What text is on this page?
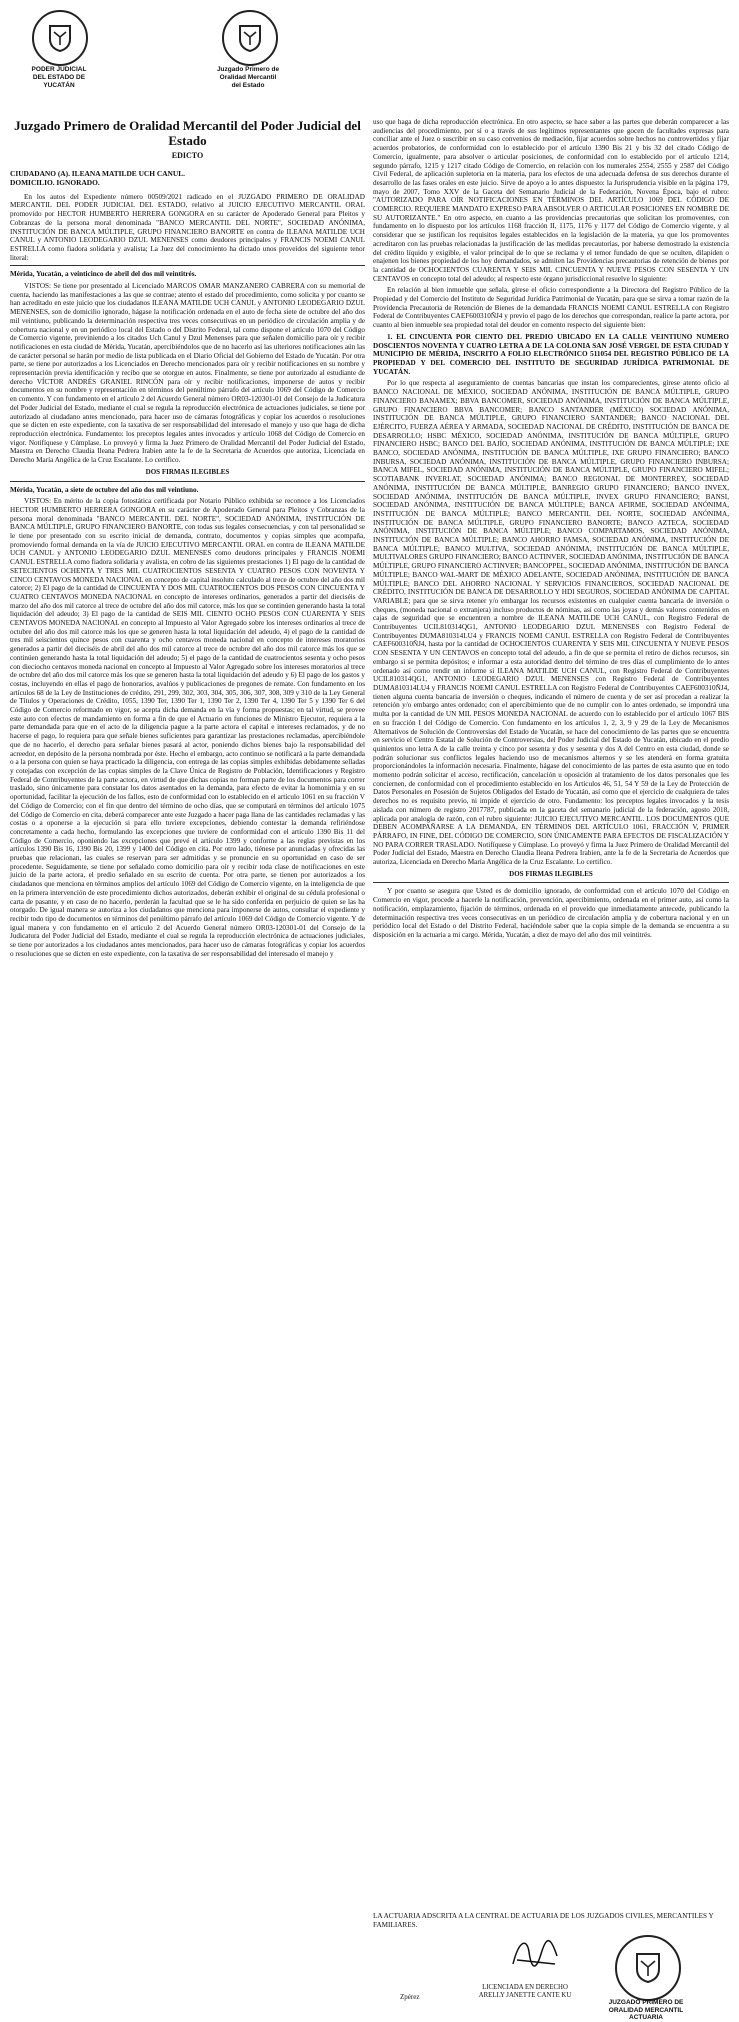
PODER JUDICIAL
DEL ESTADO DE
YUCATÁN
Juzgado Primero de
Oralidad Mercantil
del Estado
Juzgado Primero de Oralidad Mercantil del Poder Judicial del Estado
EDICTO
CIUDADANO (A). ILEANA MATILDE UCH CANUL.
DOMICILIO. IGNORADO.

En los autos del Expediente número 00509/2021 radicado en el JUZGADO PRIMERO DE ORALIDAD MERCANTIL DEL PODER JUDICIAL DEL ESTADO, relativo al JUICIO EJECUTIVO MERCANTIL ORAL promovido por HECTOR HUMBERTO HERRERA GONGORA en su carácter de Apoderado General para Pleitos y Cobranzas de la persona moral denominada "BANCO MERCANTIL DEL NORTE", SOCIEDAD ANÓNIMA, INSTITUCIÓN DE BANCA MÚLTIPLE, GRUPO FINANCIERO BANORTE en contra de ILEANA MATILDE UCH CANUL y ANTONIO LEODEGARIO DZUL MENENSES como deudores principales y FRANCIS NOEMI CANUL ESTRELLA como fiadora solidaria y avalista; La Juez del conocimiento ha dictado unos proveídos del siguiente tenor literal:

Mérida, Yucatán, a veinticinco de abril del dos mil veintitrés.

VISTOS: Se tiene por presentado al Licenciado MARCOS OMAR MANZANERO CABRERA con su memorial de cuenta, haciendo las manifestaciones a las que se contrae; atento el estado del procedimiento, como solicita y por cuanto se han acreditado en este juicio que los ciudadanos ILEANA MATILDE UCH CANUL y ANTONIO LEODEGARIO DZUL MENENSES, son de domicilio ignorado, hágase la notificación ordenada en el auto de fecha siete de octubre del año dos mil veintiuno, publicando la determinación respectiva tres veces consecutivas en un periódico de circulación amplia y de cobertura nacional y en un periódico local del Estado o del Distrito Federal, tal como dispone el artículo 1070 del Código de Comercio vigente, previniendo a los citados Uch Canul y Dzul Menenses para que señalen domicilio para oír y recibir notificaciones en esta ciudad de Mérida, Yucatán, apercibiéndolos que de no hacerlo así las ulteriores notificaciones aún las de carácter personal se harán por medio de lista publicada en el Diario Oficial del Gobierno del Estado de Yucatán. Por otra parte, se tiene por autorizados a los Licenciados en Derecho mencionados para oír y recibir notificaciones en su nombre y representación previa identificación y recibo que se otorgue en autos. Finalmente, se tiene por autorizado al estudiante de derecho VÍCTOR ANDRÉS GRANIEL RINCÓN para oír y recibir notificaciones, imponerse de autos y recibir documentos en su nombre y representación en términos del penúltimo párrafo del artículo 1069 del Código de Comercio en comento. Y con fundamento en el artículo 2 del Acuerdo General número OR03-120301-01 del Consejo de la Judicatura del Poder Judicial del Estado, mediante el cual se regula la reproducción electrónica de actuaciones judiciales, se tiene por autorizado al ciudadano antes mencionado, para hacer uso de cámaras fotográficas y copiar los acuerdos o resoluciones que se dicten en este expediente, con la taxativa de ser responsabilidad del interesado el manejo y uso que haga de dicha reproducción electrónica. Fundamento: los preceptos legales antes invocados y artículo 1068 del Código de Comercio en vigor. Notifíquese y Cúmplase. Lo proveyó y firma la Juez Primero de Oralidad Mercantil del Poder Judicial del Estado, Maestra en Derecho Claudia Ileana Pedrera Irabien ante la fe de la Secretaria de Acuerdos que autoriza, Licenciada en Derecho María Angélica de la Cruz Escalante. Lo certifico.

DOS FIRMAS ILEGIBLES

Mérida, Yucatán, a siete de octubre del año dos mil veintiuno.

VISTOS: En mérito de la copia fotostática certificada por Notario Público exhibida se reconoce a los Licenciados HECTOR HUMBERTO HERRERA GONGORA en su carácter de Apoderado General para Pleitos y Cobranzas de la persona moral denominada "BANCO MERCANTIL DEL NORTE", SOCIEDAD ANÓNIMA, INSTITUCIÓN DE BANCA MÚLTIPLE, GRUPO FINANCIERO BANORTE, con todas sus legales consecuencias, y con tal personalidad se le tiene por presentado con su escrito inicial de demanda, contrato, documentos y copias simples que acompaña, promoviendo formal demanda en la vía de JUICIO EJECUTIVO MERCANTIL ORAL en contra de ILEANA MATILDE UCH CANUL y ANTONIO LEODEGARIO DZUL MENENSES como deudores principales y FRANCIS NOEMI CANUL ESTRELLA como fiadora solidaria y avalista, en cobro de las siguientes prestaciones 1) El pago de la cantidad de SETECIENTOS OCHENTA Y TRES MIL CUATROCIENTOS SESENTA Y CUATRO PESOS CON NOVENTA Y CINCO CENTAVOS MONEDA NACIONAL en concepto de capital insoluto calculado al trece de octubre del año dos mil catorce; 2) El pago de la cantidad de CINCUENTA Y DOS MIL CUATROCIENTOS DOS PESOS CON CINCUENTA Y CUATRO CENTAVOS MONEDA NACIONAL en concepto de intereses ordinarios, generados a partir del dieciséis de marzo del año dos mil catorce al trece de octubre del año dos mil catorce, más los que se continúen generando hasta la total liquidación del adeudo; 3) El pago de la cantidad de SEIS MIL CIENTO OCHO PESOS CON CUARENTA Y SEIS CENTAVOS MONEDA NACIONAL en concepto al Impuesto al Valor Agregado sobre los intereses ordinarios al trece de octubre del año dos mil catorce más los que se generen hasta la total liquidación del adeudo, 4) el pago de la cantidad de tres mil seiscientos quince pesos con cuarenta y ocho centavos moneda nacional en concepto de intereses moratorios generados a partir del dieciséis de abril del año dos mil catorce al trece de octubre del año dos mil catorce más los que se continúen generando hasta la total liquidación del adeudo; 5) el pago de la cantidad de cuatrocientos sesenta y ocho pesos con dieciocho centavos moneda nacional en concepto al Impuesto al Valor Agregado sobre los intereses moratorios al trece de octubre del año dos mil catorce más los que se generen hasta la total liquidación del adeudo y 6) El pago de los gastos y costas, incluyendo en ellas el pago de honorarios, avalúos y publicaciones de pregones de remate. Con fundamento en los artículos 68 de la Ley de Instituciones de crédito, 291, 299, 302, 303, 304, 305, 306, 307, 308, 309 y 310 de la Ley General de Títulos y Operaciones de Crédito, 1055, 1390 Ter, 1390 Ter 1, 1390 Ter 2, 1390 Ter 4, 1390 Ter 5 y 1390 Ter 6 del Código de Comercio reformado en vigor, se acepta dicha demanda en la vía y forma propuestas; en tal virtud, se provee este auto con efectos de mandamiento en forma a fin de que el Actuario en funciones de Ministro Ejecutor, requiera a la parte demandada para que en el acto de la diligencia pague a la parte actora el capital e intereses reclamados, y de no hacerse el pago, lo requiera para que señale bienes suficientes para garantizar las prestaciones reclamadas, apercibiéndole que de no hacerlo, el derecho para señalar bienes pasará al actor, poniendo dichos bienes bajo la responsabilidad del acreedor, en depósito de la persona nombrada por éste. Hecho el embargo, acto continuo se notificará a la parte demandada o a la persona con quien se haya practicado la diligencia, con entrega de las copias simples exhibidas debidamente selladas y cotejadas con excepción de las copias simples de la Clave Única de Registro de Población, Identificaciones y Registro Federal de Contribuyentes de la parte actora, en virtud de que dichas copias no forman parte de los documentos para correr traslado, sino únicamente para constatar los datos asentados en la demanda, para efecto de evitar la homonimia y en su oportunidad, facilitar la ejecución de los fallos, esto de conformidad con lo establecido en el artículo 1061 en su fracción V del Código de Comercio; con el fin que dentro del término de ocho días, que se computará en términos del artículo 1075 del Código de Comercio en cita, deberá comparecer ante este Juzgado a hacer paga llana de las cantidades reclamadas y las costas o a oponerse a la ejecución si para ello tuviere excepciones, debiendo contestar la demanda refiriéndose concretamente a cada hecho, formulando las excepciones que tuviere de conformidad con el artículo 1390 Bis 11 del Código de Comercio, oponiendo las excepciones que prevé el artículo 1399 y conforme a las reglas previstas en los artículos 1390 Bis 16, 1390 Bis 20, 1399 y 1400 del Código en cita. Por otro lado, tiénese por anunciadas y ofrecidas las pruebas que relacionan, las cuales se reservan para ser admitidas y se pronuncie en su oportunidad en caso de ser procedente. Seguidamente, se tiene por señalado como domicilio para oír y recibir toda clase de notificaciones en este juicio de la parte actora, el predio señalado en su escrito de cuenta. Por otra parte, se tienen por autorizados a los ciudadanos que menciona en términos amplios del artículo 1069 del Código de Comercio vigente, en la inteligencia de que en la primera intervención de este procedimiento dichos autorizados, deberán exhibir el original de su cédula profesional o carta de pasante, y en caso de no hacerlo, perderán la facultad que se le ha sido conferida en perjuicio de quien se las ha otorgado. De igual manera se autoriza a los ciudadanos que menciona para imponerse de autos, consultar el expediente y recibir todo tipo de documentos en términos del penúltimo párrafo del artículo 1069 del Código de Comercio vigente. Y de igual manera y con fundamento en el artículo 2 del Acuerdo General número OR03-120301-01 del Consejo de la Judicatura del Poder Judicial del Estado, mediante el cual se regula la reproducción electrónica de actuaciones judiciales, se tiene por autorizados a los ciudadanos antes mencionados, para hacer uso de cámaras fotográficas y copiar los acuerdos o resoluciones que se dicten en este expediente, con la taxativa de ser responsabilidad del interesado el manejo y

uso que haga de dicha reproducción electrónica. En otro aspecto, se hace saber a las partes que deberán comparecer a las audiencias del procedimiento, por sí o a través de sus legítimos representantes que gocen de facultades expresas para conciliar ante el Juez o suscribir en su caso convenios de mediación, fijar acuerdos sobre hechos no controvertidos y fijar acuerdos probatorios, de conformidad con lo establecido por el artículo 1390 Bis 21 y bis 32 del citado Código de Comercio, igualmente, para absolver o articular posiciones, de conformidad con lo establecido por el artículo 1214, segundo párrafo, 1215 y 1217 citado Código de Comercio, en relación con los numerales 2554, 2555 y 2587 del Código Civil Federal, de aplicación supletoria en la materia, para los efectos de una adecuada defensa de sus derechos durante el desarrollo de las fases orales en este juicio. Sirve de apoyo a lo antes dispuesto: la Jurisprudencia visible en la página 179, mayo de 2007, Tomo XXV de la Gaceta del Semanario Judicial de la Federación, Novena Época, bajo el rubro: "AUTORIZADO PARA OÍR NOTIFICACIONES EN TÉRMINOS DEL ARTÍCULO 1069 DEL CÓDIGO DE COMERCIO. REQUIERE MANDATO EXPRESO PARA ABSOLVER O ARTICULAR POSICIONES EN NOMBRE DE SU AUTORIZANTE." En otro aspecto, en cuanto a las providencias precautorias que solicitan los promoventes, con fundamento en lo dispuesto por los artículos 1168 fracción II, 1175, 1176 y 1177 del Código de Comercio vigente, y al considerar que se justifican los requisitos legales establecidos en la legislación de la materia, ya que los promoventes acreditaron con las pruebas relacionadas la justificación de las medidas precautorias, por haberse demostrado la existencia del crédito líquido y exigible, el valor principal de lo que se reclama y el temor fundado de que se oculten, dilapiden o enajenen los bienes propiedad de los hoy demandados, se admiten las Providencias precautorias de retención de bienes por la cantidad de OCHOCIENTOS CUARENTA Y SEIS MIL CINCUENTA Y NUEVE PESOS CON SESENTA Y UN CENTAVOS en concepto total del adeudo; al respecto este órgano jurisdiccional resuelve lo siguiente:

En relación al bien inmueble que señala, gírese el oficio correspondiente a la Directora del Registro Público de la Propiedad y del Comercio del Instituto de Seguridad Jurídica Patrimonial de Yucatán, para que se sirva a tomar razón de la Providencia Precautoria de Retención de Bienes de la demandada FRANCIS NOEMI CANUL ESTRELLA con Registro Federal de Contribuyentes CAEF600310ÑJ4 y previo el pago de los derechos que correspondan, realice la parte actora, por cuanto al bien inmueble sea propiedad total del deudor en comento respecto del siguiente bien:

1. EL CINCUENTA POR CIENTO DEL PREDIO UBICADO EN LA CALLE VEINTIUNO NUMERO DOSCIENTOS NOVENTA Y CUATRO LETRA A DE LA COLONIA SAN JOSÉ VERGEL DE ESTA CIUDAD Y MUNICIPIO DE MÉRIDA, INSCRITO A FOLIO ELECTRÓNICO 511054 DEL REGISTRO PÚBLICO DE LA PROPIEDAD Y DEL COMERCIO DEL INSTITUTO DE SEGURIDAD JURÍDICA PATRIMONIAL DE YUCATÁN.

Por lo que respecta al aseguramiento de cuentas bancarias que instan los comparecientes, gírese atento oficio al BANCO NACIONAL DE MÉXICO, SOCIEDAD ANÓNIMA, INSTITUCIÓN DE BANCA MÚLTIPLE, GRUPO FINANCIERO BANAMEX; BBVA BANCOMER, SOCIEDAD ANÓNIMA, INSTITUCIÓN DE BANCA MÚLTIPLE, GRUPO FINANCIERO BBVA BANCOMER; BANCO SANTANDER (MÉXICO) SOCIEDAD ANÓNIMA, INSTITUCIÓN DE BANCA MÚLTIPLE, GRUPO FINANCIERO SANTANDER; BANCO NACIONAL DEL EJÉRCITO, FUERZA AÉREA Y ARMADA, SOCIEDAD NACIONAL DE CRÉDITO, INSTITUCIÓN DE BANCA DE DESARROLLO; HSBC MÉXICO, SOCIEDAD ANÓNIMA, INSTITUCIÓN DE BANCA MÚLTIPLE, GRUPO FINANCIERO HSBC; BANCO DEL BAJÍO, SOCIEDAD ANÓNIMA, INSTITUCIÓN DE BANCA MÚLTIPLE; IXE BANCO, SOCIEDAD ANÓNIMA, INSTITUCIÓN DE BANCA MÚLTIPLE, IXE GRUPO FINANCIERO; BANCO INBURSA, SOCIEDAD ANÓNIMA, INSTITUCIÓN DE BANCA MÚLTIPLE, GRUPO FINANCIERO INBURSA; BANCA MIFEL, SOCIEDAD ANÓNIMA, INSTITUCIÓN DE BANCA MÚLTIPLE, GRUPO FINANCIERO MIFEL; SCOTIABANK INVERLAT, SOCIEDAD ANÓNIMA; BANCO REGIONAL DE MONTERREY, SOCIEDAD ANÓNIMA, INSTITUCIÓN DE BANCA MÚLTIPLE, BANREGIO GRUPO FINANCIERO; BANCO INVEX, SOCIEDAD ANÓNIMA, INSTITUCIÓN DE BANCA MÚLTIPLE, INVEX GRUPO FINANCIERO; BANSI, SOCIEDAD ANÓNIMA, INSTITUCIÓN DE BANCA MÚLTIPLE; BANCA AFIRME, SOCIEDAD ANÓNIMA, INSTITUCIÓN DE BANCA MÚLTIPLE; BANCO MERCANTIL DEL NORTE, SOCIEDAD ANÓNIMA, INSTITUCIÓN DE BANCA MÚLTIPLE, GRUPO FINANCIERO BANORTE; BANCO AZTECA, SOCIEDAD ANÓNIMA, INSTITUCIÓN DE BANCA MÚLTIPLE; BANCO COMPARTAMOS, SOCIEDAD ANÓNIMA, INSTITUCIÓN DE BANCA MÚLTIPLE; BANCO AHORRO FAMSA, SOCIEDAD ANÓNIMA, INSTITUCIÓN DE BANCA MÚLTIPLE; BANCO MULTIVA, SOCIEDAD ANÓNIMA, INSTITUCIÓN DE BANCA MÚLTIPLE, MULTIVALORES GRUPO FINANCIERO; BANCO ACTINVER, SOCIEDAD ANÓNIMA, INSTITUCIÓN DE BANCA MÚLTIPLE, GRUPO FINANCIERO ACTINVER; BANCOPPEL, SOCIEDAD ANÓNIMA, INSTITUCIÓN DE BANCA MÚLTIPLE; BANCO WAL-MART DE MÉXICO ADELANTE, SOCIEDAD ANÓNIMA, INSTITUCIÓN DE BANCA MÚLTIPLE; BANCO DEL AHORRO NACIONAL Y SERVICIOS FINANCIEROS, SOCIEDAD NACIONAL DE CRÉDITO, INSTITUCIÓN DE BANCA DE DESARROLLO Y HDI SEGUROS, SOCIEDAD ANÓNIMA DE CAPITAL VARIABLE; para que se sirva retener y/o embargar los recursos existentes en cualquier cuenta bancaria de inversión o cheques, (moneda nacional o extranjera) incluso productos de nóminas, así como las joyas y demás valores contenidos en cajas de seguridad que se encuentren a nombre de ILEANA MATILDE UCH CANUL, con Registro Federal de Contribuyentes UCIL810314QG1, ANTONIO LEODEGARIO DZUL MENENSES con Registro Federal de Contribuyentes DUMA810314LU4 y FRANCIS NOEMI CANUL ESTRELLA con Registro Federal de Contribuyentes CAEF600310ÑJ4, hasta por la cantidad de OCHOCIENTOS CUARENTA Y SEIS MIL CINCUENTA Y NUEVE PESOS CON SESENTA Y UN CENTAVOS en concepto total del adeudo, a fin de que se permita el retiro de dichos recursos, sin embargo si se permita depósitos; e informar a esta autoridad dentro del término de tres días el cumplimiento de lo antes ordenado así como rendir un informe si ILEANA MATILDE UCH CANUL, con Registro Federal de Contribuyentes UCIL810314QG1, ANTONIO LEODEGARIO DZUL MENENSES con Registro Federal de Contribuyentes DUMA810314LU4 y FRANCIS NOEMI CANUL ESTRELLA con Registro Federal de Contribuyentes CAEF600310ÑJ4, tienen alguna cuenta bancaria de inversión o cheques, indicando el número de cuenta y de ser así procedan a realizar la retención y/o embargo antes ordenado; con el apercibimiento que de no cumplir con lo antes ordenado, se impondrá una multa por la cantidad de UN MIL PESOS MONEDA NACIONAL de acuerdo con lo establecido por el artículo 1067 BIS en su fracción I del Código de Comercio. Con fundamento en los artículos 1, 2, 3, 9 y 29 de la Ley de Mecanismos Alternativos de Solución de Controversias del Estado de Yucatán, se hace del conocimiento de las partes que se encuentra en servicio el Centro Estatal de Solución de Controversias, del Poder Judicial del Estado de Yucatán, ubicado en el predio quinientos uno letra A de la calle treinta y cinco por sesenta y dos y sesenta y dos A del Centro en esta ciudad, donde se podrán solucionar sus conflictos legales haciendo uso de mecanismos alternos y se les atenderá en forma gratuita proporcionándoles la información necesaria. Finalmente, hágase del conocimiento de las partes de esta asunto que en todo momento podrán solicitar el acceso, rectificación, cancelación u oposición al tratamiento de los datos personales que les conciernen, de conformidad con el procedimiento establecido en los Artículos 46, 51, 54 Y 59 de la Ley de Protección de Datos Personales en Posesión de Sujetos Obligados del Estado de Yucatán, así como que el ejercicio de cualquiera de tales derechos no es requisito previo, ni impide el ejercicio de otro. Fundamento: los preceptos legales invocados y la tesis aislada con número de registro 2017787, publicada en la gaceta del semanario judicial de la federación, agosto 2018, aplicada por analogía de razón, con el rubro siguiente: JUICIO EJECUTIVO MERCANTIL. LOS DOCUMENTOS QUE DEBEN ACOMPAÑARSE A LA DEMANDA, EN TÉRMINOS DEL ARTÍCULO 1061, FRACCIÓN V, PRIMER PÁRRAFO, IN FINE, DEL CÓDIGO DE COMERCIO, SON ÚNICAMENTE PARA EFECTOS DE FISCALIZACIÓN Y NO PARA CORRER TRASLADO. Notifíquese y Cúmplase. Lo proveyó y firma la Juez Primero de Oralidad Mercantil del Poder Judicial del Estado, Maestra en Derecho Claudia Ileana Pedrera Irabien, ante la fe de la Secretaria de Acuerdos que autoriza, Licenciada en Derecho María Angélica de la Cruz Escalante. Lo certifico.

DOS FIRMAS ILEGIBLES

Y por cuanto se asegura que Usted es de domicilio ignorado, de conformidad con el artículo 1070 del Código en Comercio en vigor, procede a hacerle la notificación, prevención, apercibimiento, ordenada en el primer auto, así como la notificación, emplazamiento, fijación de términos, ordenada en el proveído que inmediatamente antecede, publicando la determinación respectiva tres veces consecutivas en un periódico de circulación amplia y de cobertura nacional y en un periódico local del Estado o del Distrito Federal, haciéndole saber que la copia simple de la demanda se encuentra a su disposición en la actuaria a mi cargo. Mérida, Yucatán, a diez de mayo del año dos mil veintitrés.

LA ACTUARIA ADSCRITA A LA CENTRAL DE ACTUARIA DE LOS JUZGADOS CIVILES, MERCANTILES Y FAMILIARES.
LICENCIADA EN DERECHO
ARELLY JANETTE CANTE KU
Zpérez
JUZGADO PRIMERO DE
ORALIDAD MERCANTIL
ACTUARIA
